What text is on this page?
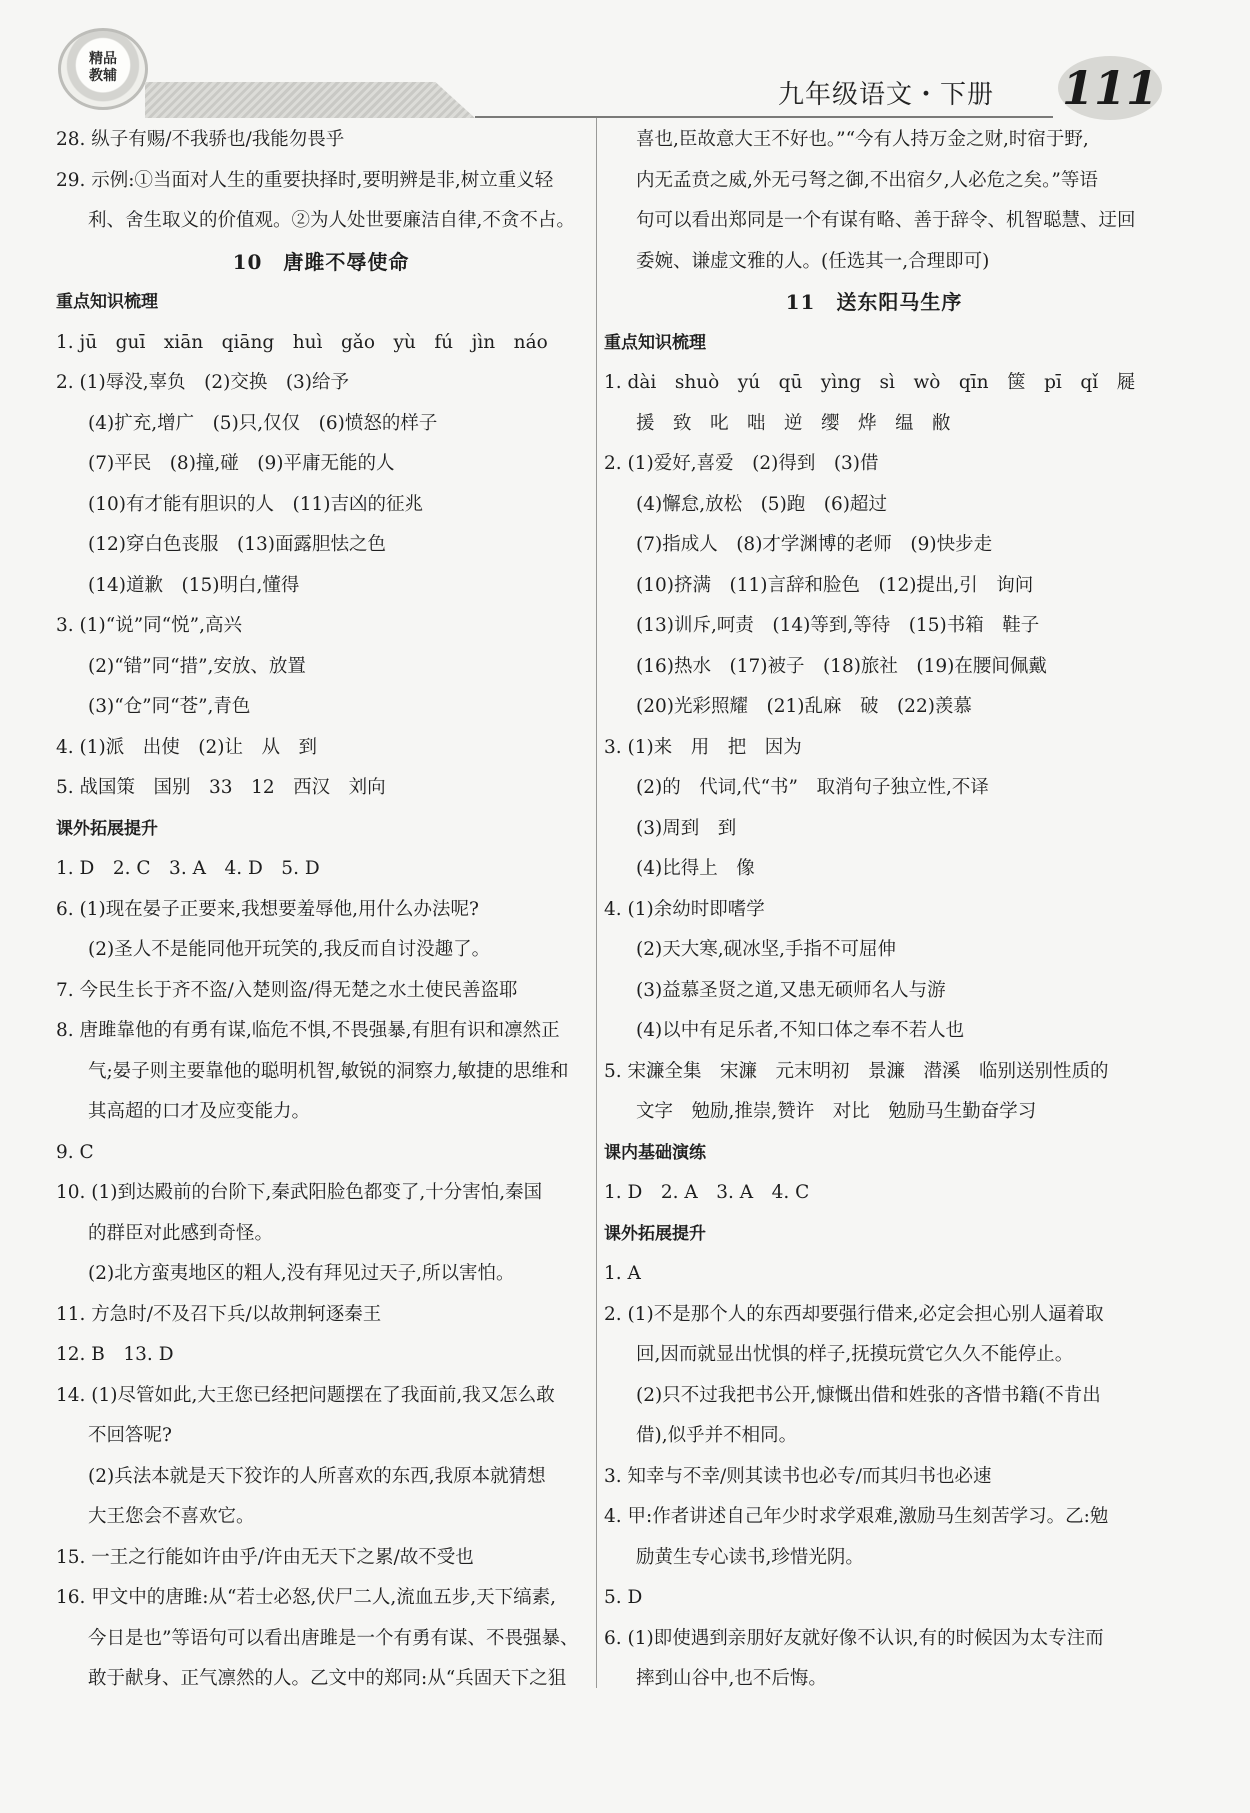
精品
教辅
九年级语文・下册 111
28. 纵子有赐/不我骄也/我能勿畏乎
29. 示例:①当面对人生的重要抉择时,要明辨是非,树立重义轻
利、舍生取义的价值观。②为人处世要廉洁自律,不贪不占。
10　唐雎不辱使命
重点知识梳理
1. jū　guī　xiān　qiāng　huì　gǎo　yù　fú　jìn　náo
2. (1)辱没,辜负　(2)交换　(3)给予
(4)扩充,增广　(5)只,仅仅　(6)愤怒的样子
(7)平民　(8)撞,碰　(9)平庸无能的人
(10)有才能有胆识的人　(11)吉凶的征兆
(12)穿白色丧服　(13)面露胆怯之色
(14)道歉　(15)明白,懂得
3. (1)“说”同“悦”,高兴
(2)“错”同“措”,安放、放置
(3)“仓”同“苍”,青色
4. (1)派　出使　(2)让　从　到
5. 战国策　国别　33　12　西汉　刘向
课外拓展提升
1. D　2. C　3. A　4. D　5. D
6. (1)现在晏子正要来,我想要羞辱他,用什么办法呢?
(2)圣人不是能同他开玩笑的,我反而自讨没趣了。
7. 今民生长于齐不盗/入楚则盗/得无楚之水土使民善盗耶
8. 唐雎靠他的有勇有谋,临危不惧,不畏强暴,有胆有识和凛然正
气;晏子则主要靠他的聪明机智,敏锐的洞察力,敏捷的思维和
其高超的口才及应变能力。
9. C
10. (1)到达殿前的台阶下,秦武阳脸色都变了,十分害怕,秦国
的群臣对此感到奇怪。
(2)北方蛮夷地区的粗人,没有拜见过天子,所以害怕。
11. 方急时/不及召下兵/以故荆轲逐秦王
12. B　13. D
14. (1)尽管如此,大王您已经把问题摆在了我面前,我又怎么敢
不回答呢?
(2)兵法本就是天下狡诈的人所喜欢的东西,我原本就猜想
大王您会不喜欢它。
15. 一王之行能如许由乎/许由无天下之累/故不受也
16. 甲文中的唐雎:从“若士必怒,伏尸二人,流血五步,天下缟素,
今日是也”等语句可以看出唐雎是一个有勇有谋、不畏强暴、
敢于献身、正气凛然的人。乙文中的郑同:从“兵固天下之狙
喜也,臣故意大王不好也。”“今有人持万金之财,时宿于野,
内无孟贲之威,外无弓弩之御,不出宿夕,人必危之矣。”等语
句可以看出郑同是一个有谋有略、善于辞令、机智聪慧、迂回
委婉、谦虚文雅的人。(任选其一,合理即可)
11　送东阳马生序
重点知识梳理
1. dài　shuò　yú　qū　yìng　sì　wò　qīn　箧　pī　qǐ　屣
援　致　叱　咄　逆　缨　烨　缊　敝
2. (1)爱好,喜爱　(2)得到　(3)借
(4)懈怠,放松　(5)跑　(6)超过
(7)指成人　(8)才学渊博的老师　(9)快步走
(10)挤满　(11)言辞和脸色　(12)提出,引　询问
(13)训斥,呵责　(14)等到,等待　(15)书箱　鞋子
(16)热水　(17)被子　(18)旅社　(19)在腰间佩戴
(20)光彩照耀　(21)乱麻　破　(22)羡慕
3. (1)来　用　把　因为
(2)的　代词,代“书”　取消句子独立性,不译
(3)周到　到
(4)比得上　像
4. (1)余幼时即嗜学
(2)天大寒,砚冰坚,手指不可屈伸
(3)益慕圣贤之道,又患无硕师名人与游
(4)以中有足乐者,不知口体之奉不若人也
5. 宋濂全集　宋濂　元末明初　景濂　潜溪　临别送别性质的
文字　勉励,推崇,赞许　对比　勉励马生勤奋学习
课内基础演练
1. D　2. A　3. A　4. C
课外拓展提升
1. A
2. (1)不是那个人的东西却要强行借来,必定会担心别人逼着取
回,因而就显出忧惧的样子,抚摸玩赏它久久不能停止。
(2)只不过我把书公开,慷慨出借和姓张的吝惜书籍(不肯出
借),似乎并不相同。
3. 知幸与不幸/则其读书也必专/而其归书也必速
4. 甲:作者讲述自己年少时求学艰难,激励马生刻苦学习。乙:勉
励黄生专心读书,珍惜光阴。
5. D
6. (1)即使遇到亲朋好友就好像不认识,有的时候因为太专注而
摔到山谷中,也不后悔。
